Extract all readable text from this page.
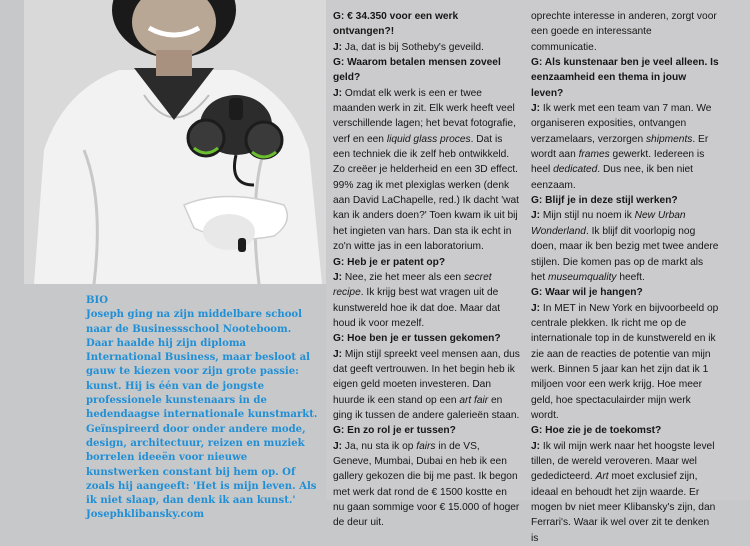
BIO
Joseph ging na zijn middelbare school naar de Businessschool Nooteboom. Daar haalde hij zijn diploma International Business, maar besloot al gauw te kiezen voor zijn grote passie: kunst. Hij is één van de jongste professionele kunstenaars in de hedendaagse internationale kunstmarkt. Geïnspireerd door onder andere mode, design, architectuur, reizen en muziek borrelen ideeën voor nieuwe kunstwerken constant bij hem op. Of zoals hij aangeeft: 'Het is mijn leven. Als ik niet slaap, dan denk ik aan kunst.' Josephklibansky.com

G: € 34.350 voor een werk ontvangen?!

J: Ja, dat is bij Sotheby's geveild.

G: Waarom betalen mensen zoveel geld?

J: Omdat elk werk is een er twee maanden werk in zit. Elk werk heeft veel verschillende lagen; het bevat fotografie, verf en een liquid glass proces. Dat is een techniek die ik zelf heb ontwikkeld. Zo creëer je helderheid en een 3D effect. 99% zag ik met plexiglas werken (denk aan David LaChapelle, red.) Ik dacht 'wat kan ik anders doen?' Toen kwam ik uit bij het ingieten van hars. Dan sta ik echt in zo'n witte jas in een laboratorium.

G: Heb je er patent op?

J: Nee, zie het meer als een secret recipe. Ik krijg best wat vragen uit de kunstwereld hoe ik dat doe. Maar dat houd ik voor mezelf.

G: Hoe ben je er tussen gekomen?

J: Mijn stijl spreekt veel mensen aan, dus dat geeft vertrouwen. In het begin heb ik eigen geld moeten investeren. Dan huurde ik een stand op een art fair en ging ik tussen de andere galerieën staan.

G: En zo rol je er tussen?

J: Ja, nu sta ik op fairs in de VS, Geneve, Mumbai, Dubai en heb ik een gallery gekozen die bij me past. Ik begon met werk dat rond de € 1500 kostte en nu gaan sommige voor € 15.000 of hoger de deur uit.

oprechte interesse in anderen, zorgt voor een goede en interessante communicatie.

G: Als kunstenaar ben je veel alleen. Is eenzaamheid een thema in jouw leven?

J: Ik werk met een team van 7 man. We organiseren exposities, ontvangen verzamelaars, verzorgen shipments. Er wordt aan frames gewerkt. Iedereen is heel dedicated. Dus nee, ik ben niet eenzaam.

G: Blijf je in deze stijl werken?

J: Mijn stijl nu noem ik New Urban Wonderland. Ik blijf dit voorlopig nog doen, maar ik ben bezig met twee andere stijlen. Die komen pas op de markt als het museumquality heeft.

G: Waar wil je hangen?

J: In MET in New York en bijvoorbeeld op centrale plekken. Ik richt me op de internationale top in de kunstwereld en ik zie aan de reacties de potentie van mijn werk. Binnen 5 jaar kan het zijn dat ik 1 miljoen voor een werk krijg. Hoe meer geld, hoe spectaculairder mijn werk wordt.

G: Hoe zie je de toekomst?

J: Ik wil mijn werk naar het hoogste level tillen, de wereld veroveren. Maar wel gededicteerd. Art moet exclusief zijn, ideaal en behoudt het zijn waarde. Er mogen bv niet meer Klibansky's zijn, dan Ferrari's. Waar ik wel over zit te denken is
